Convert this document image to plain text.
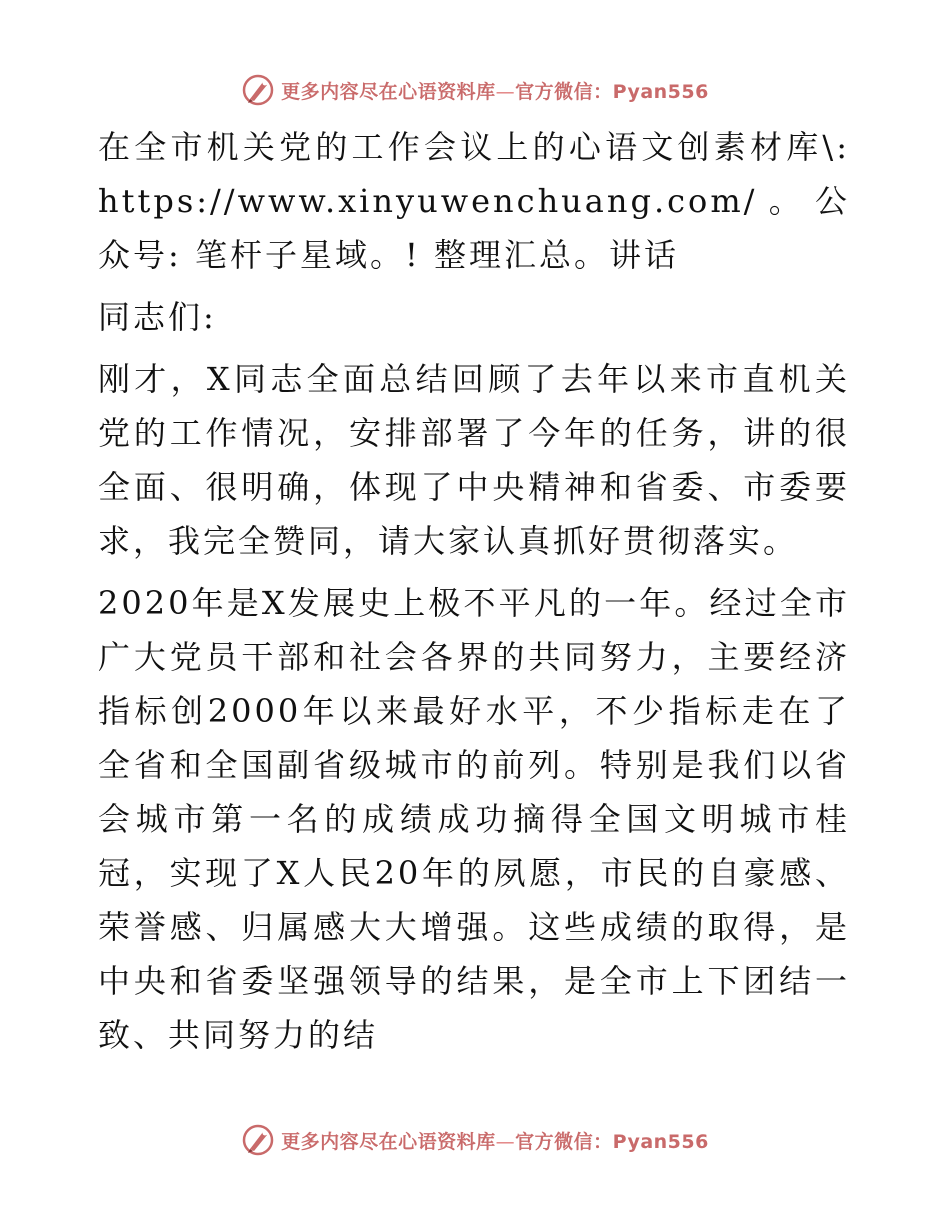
更多内容尽在心语资料库—官方微信：Pyan556

在全市机关党的工作会议上的心语文创素材库\: https://www.xinyuwenchuang.com/。公众号: 笔杆子星域。! 整理汇总。讲话

同志们:

刚才，X同志全面总结回顾了去年以来市直机关党的工作情况，安排部署了今年的任务，讲的很全面、很明确，体现了中央精神和省委、市委要求，我完全赞同，请大家认真抓好贯彻落实。

2020年是X发展史上极不平凡的一年。经过全市广大党员干部和社会各界的共同努力，主要经济指标创2000年以来最好水平，不少指标走在了全省和全国副省级城市的前列。特别是我们以省会城市第一名的成绩成功摘得全国文明城市桂冠，实现了X人民20年的夙愿，市民的自豪感、荣誉感、归属感大大增强。这些成绩的取得，是中央和省委坚强领导的结果，是全市上下团结一致、共同努力的结

更多内容尽在心语资料库—官方微信：Pyan556
